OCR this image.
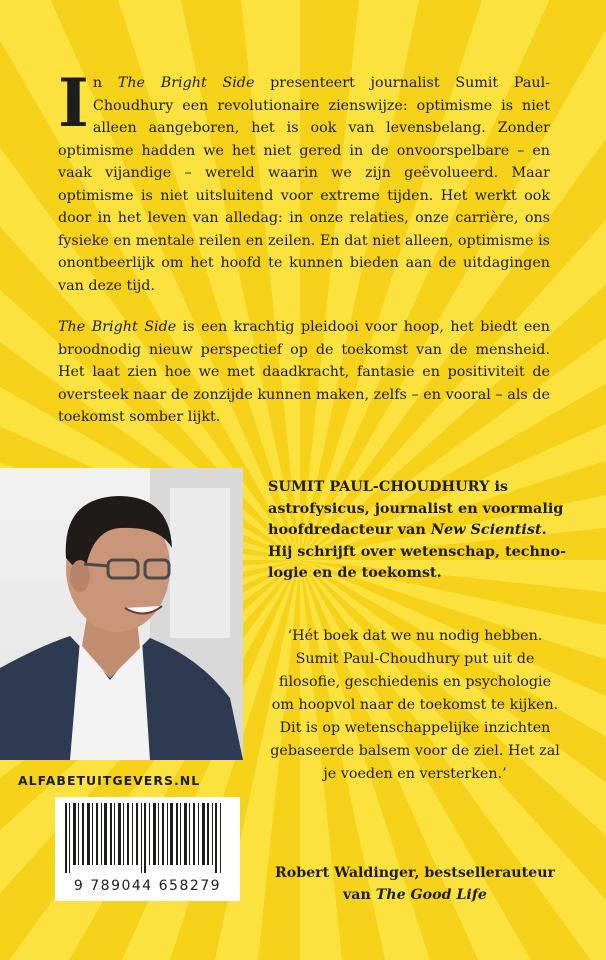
In The Bright Side presenteert journalist Sumit Paul-Choudhury een revolutionaire zienswijze: optimisme is niet alleen aangeboren, het is ook van levensbelang. Zonder optimisme hadden we het niet gered in de onvoorspelbare – en vaak vijandige – wereld waarin we zijn geëvolueerd. Maar optimisme is niet uitsluitend voor extreme tijden. Het werkt ook door in het leven van alledag: in onze relaties, onze carrière, ons fysieke en mentale reilen en zeilen. En dat niet alleen, optimisme is onontbeerlijk om het hoofd te kunnen bieden aan de uitdagingen van deze tijd.

The Bright Side is een krachtig pleidooi voor hoop, het biedt een broodnodig nieuw perspectief op de toekomst van de mensheid. Het laat zien hoe we met daadkracht, fantasie en positiviteit de oversteek naar de zonzijde kunnen maken, zelfs – en vooral – als de toekomst somber lijkt.

ALFABETUITGEVERS.NL
9 789044 658279
SUMIT PAUL-CHOUDHURY is astrofysicus, journalist en voormalig hoofdredacteur van New Scientist. Hij schrijft over wetenschap, technologie en de toekomst.
‘Hét boek dat we nu nodig hebben. Sumit Paul-Choudhury put uit de filosofie, geschiedenis en psychologie om hoopvol naar de toekomst te kijken. Dit is op wetenschappelijke inzichten gebaseerde balsem voor de ziel. Het zal je voeden en versterken.’
Robert Waldinger, bestsellerauteur van The Good Life
